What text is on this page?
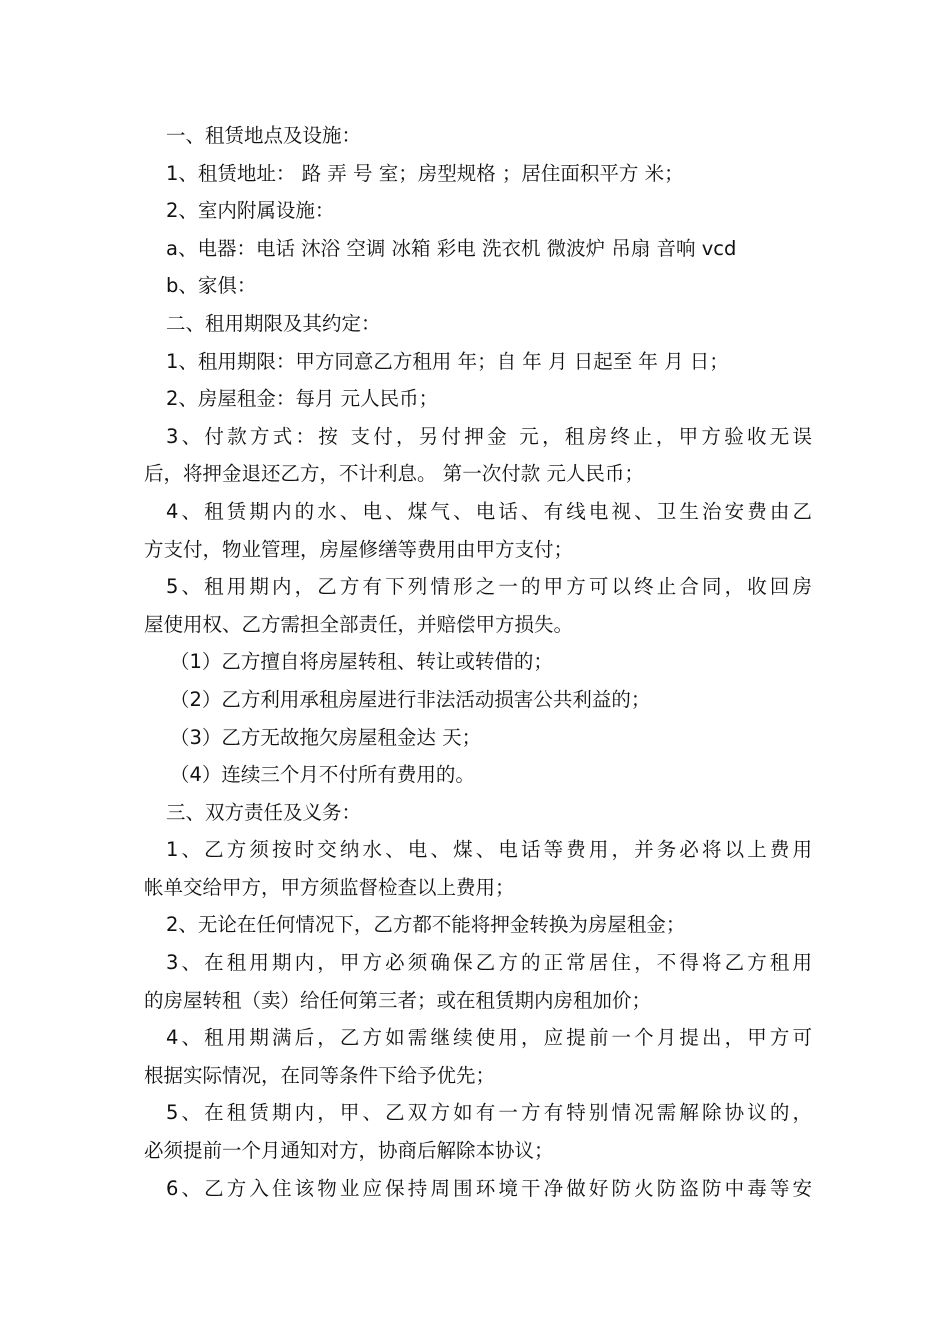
一、租赁地点及设施：
1、租赁地址： 路 弄 号 室；房型规格 ；居住面积平方 米；
2、室内附属设施：
a、电器：电话 沐浴 空调 冰箱 彩电 洗衣机 微波炉 吊扇 音响 vcd
b、家俱：
二、租用期限及其约定：
1、租用期限：甲方同意乙方租用 年；自 年 月 日起至 年 月 日；
2、房屋租金：每月 元人民币；
3、付款方式：按 支付，另付押金 元，租房终止，甲方验收无误
后，将押金退还乙方，不计利息。 第一次付款 元人民币；
4、租赁期内的水、电、煤气、电话、有线电视、卫生治安费由乙
方支付，物业管理，房屋修缮等费用由甲方支付；
5、租用期内，乙方有下列情形之一的甲方可以终止合同，收回房
屋使用权、乙方需担全部责任，并赔偿甲方损失。
（1）乙方擅自将房屋转租、转让或转借的；
（2）乙方利用承租房屋进行非法活动损害公共利益的；
（3）乙方无故拖欠房屋租金达 天；
（4）连续三个月不付所有费用的。
三、双方责任及义务：
1、乙方须按时交纳水、电、煤、电话等费用，并务必将以上费用
帐单交给甲方，甲方须监督检查以上费用；
2、无论在任何情况下，乙方都不能将押金转换为房屋租金；
3、在租用期内，甲方必须确保乙方的正常居住，不得将乙方租用
的房屋转租（卖）给任何第三者；或在租赁期内房租加价；
4、租用期满后，乙方如需继续使用，应提前一个月提出，甲方可
根据实际情况，在同等条件下给予优先；
5、在租赁期内，甲、乙双方如有一方有特别情况需解除协议的，
必须提前一个月通知对方，协商后解除本协议；
6、乙方入住该物业应保持周围环境干净做好防火防盗防中毒等安
